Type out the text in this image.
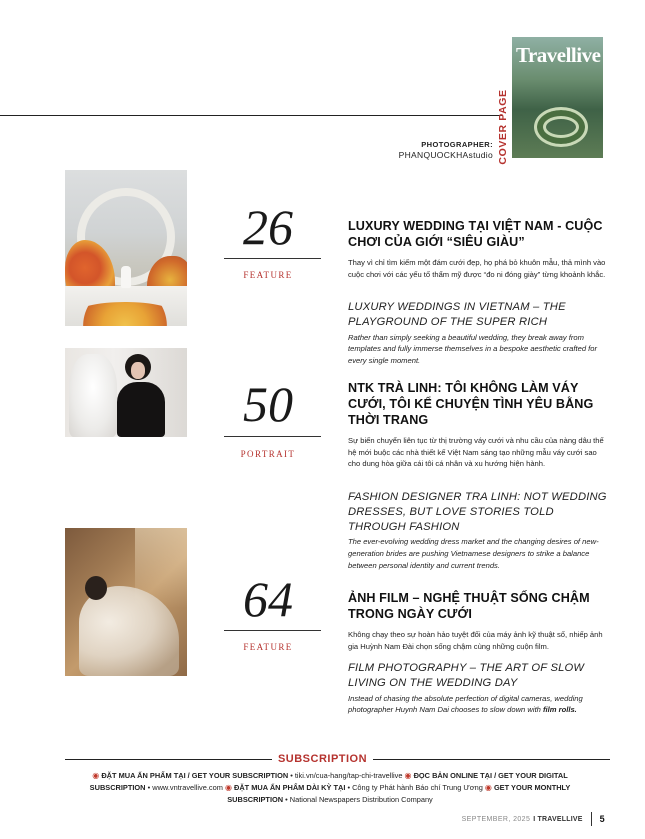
COVER PAGE
Travellive
PHOTOGRAPHER:
PHANQUOCKHAstudio
26
FEATURE
LUXURY WEDDING TẠI VIỆT NAM - CUỘC CHƠI CỦA GIỚI “SIÊU GIÀU”
Thay vì chỉ tìm kiếm một đám cưới đẹp, họ phá bỏ khuôn mẫu, thả mình vào cuộc chơi với các yếu tố thẩm mỹ được “đo ni đóng giày” từng khoảnh khắc.
LUXURY WEDDINGS IN VIETNAM – THE PLAYGROUND OF THE SUPER RICH
Rather than simply seeking a beautiful wedding, they break away from templates and fully immerse themselves in a bespoke aesthetic crafted for every single moment.
50
PORTRAIT
NTK TRÀ LINH: TÔI KHÔNG LÀM VÁY CƯỚI, TÔI KỂ CHUYỆN TÌNH YÊU BẰNG THỜI TRANG
Sự biến chuyển liên tục từ thị trường váy cưới và nhu cầu của nàng dâu thế hệ mới buộc các nhà thiết kế Việt Nam sáng tạo những mẫu váy cưới sao cho dung hòa giữa cái tôi cá nhân và xu hướng hiện hành.
FASHION DESIGNER TRA LINH: NOT WEDDING DRESSES, BUT LOVE STORIES TOLD THROUGH FASHION
The ever-evolving wedding dress market and the changing desires of new-generation brides are pushing Vietnamese designers to strike a balance between personal identity and current trends.
64
FEATURE
ẢNH FILM – NGHỆ THUẬT SỐNG CHẬM TRONG NGÀY CƯỚI
Không chạy theo sự hoàn hảo tuyệt đối của máy ảnh kỹ thuật số, nhiếp ảnh gia Huỳnh Nam Đài chọn sống chậm cùng những cuộn film.
FILM PHOTOGRAPHY – THE ART OF SLOW LIVING ON THE WEDDING DAY
Instead of chasing the absolute perfection of digital cameras, wedding photographer Huynh Nam Dai chooses to slow down with film rolls.
SUBSCRIPTION
◉ ĐẶT MUA ẤN PHẨM TẠI / GET YOUR SUBSCRIPTION • tiki.vn/cua-hang/tap-chi-travellive ◉ ĐỌC BẢN ONLINE TẠI / GET YOUR DIGITAL SUBSCRIPTION • www.vntravellive.com ◉ ĐẶT MUA ẤN PHẨM DÀI KỲ TẠI • Công ty Phát hành Báo chí Trung Ương ◉ GET YOUR MONTHLY SUBSCRIPTION • National Newspapers Distribution Company
SEPTEMBER, 2025 I TRAVELLIVE 5
